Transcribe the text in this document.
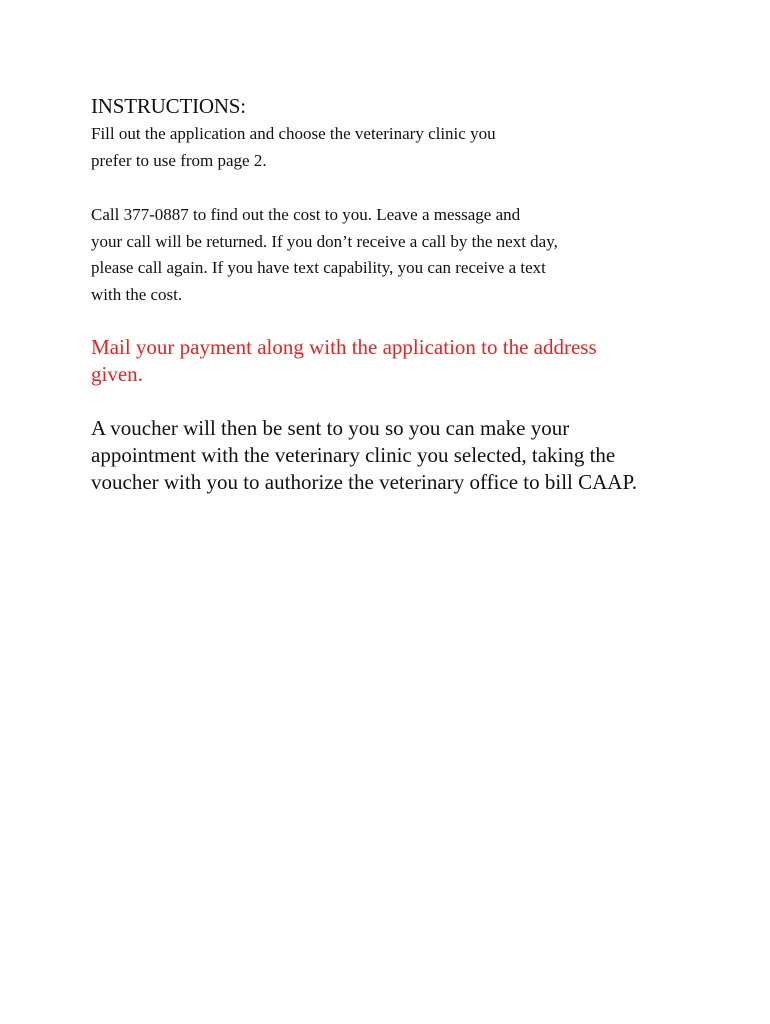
INSTRUCTIONS:

Fill out the application and choose the veterinary clinic you
prefer to use from page 2.

Call 377-0887 to find out the cost to you. Leave a message and
your call will be returned. If you don’t receive a call by the next day,
please call again. If you have text capability, you can receive a text
with the cost.

Mail your payment along with the application to the address
given.

A voucher will then be sent to you so you can make your
appointment with the veterinary clinic you selected, taking the
voucher with you to authorize the veterinary office to bill CAAP.
